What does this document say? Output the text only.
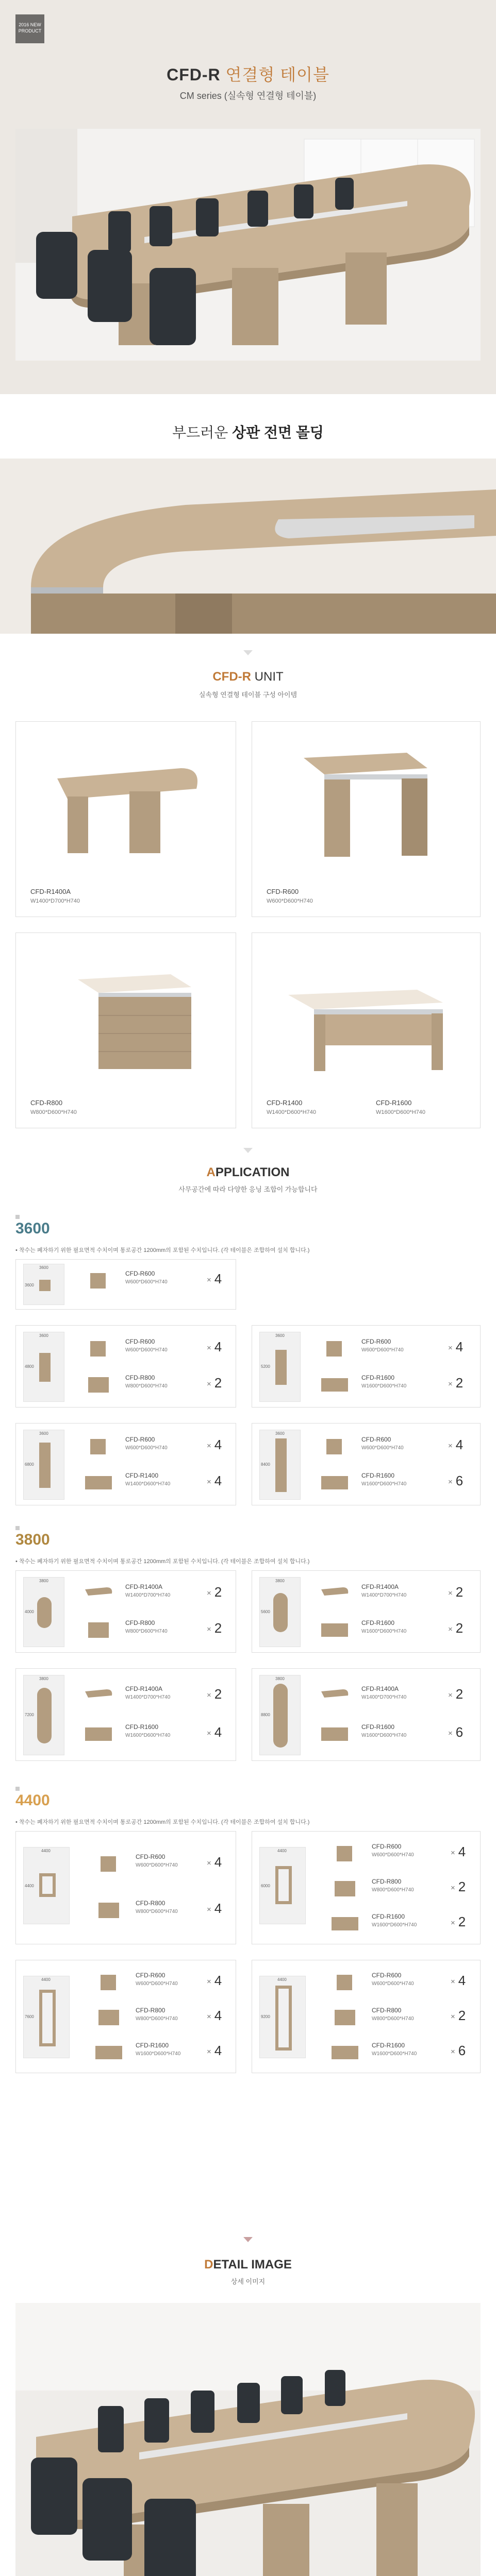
2016 NEW
PRODUCT
CFD-R 연결형 테이블
CM series (실속형 연결형 테이블)
부드러운 상판 전면 몰딩
CFD-R UNIT
실속형 연결형 테이블 구성 아이템
CFD-R1400A
W1400*D700*H740
CFD-R600
W600*D600*H740
CFD-R800
W800*D600*H740
CFD-R1400
W1400*D600*H740
CFD-R1600
W1600*D600*H740
APPLICATION
사무공간에 따라 다양한 응닝 조합이 가능합니다
3600
• 착수는 폐자하기 위한 필요면적 수치이며 통로공간 1200mm의 포함된 수치입니다. (각 테이블은 조합하여 설치 합니다.)
3600
3600
CFD-R600
W600*D600*H740	× 4
3600
4800
CFD-R600
W600*D600*H740	× 4
CFD-R800
W800*D600*H740	× 2
3600
5200
CFD-R600
W600*D600*H740	× 4
CFD-R1600
W1600*D600*H740	× 2
3600
6800
CFD-R600
W600*D600*H740	× 4
CFD-R1400
W1400*D600*H740	× 4
3600
8400
CFD-R600
W600*D600*H740	× 4
CFD-R1600
W1600*D600*H740	× 6
3800
• 착수는 폐자하기 위한 필요면적 수치이며 통로공간 1200mm의 포함된 수치입니다. (각 테이블은 조합하여 설치 합니다.)
3800
4000
CFD-R1400A
W1400*D700*H740	× 2
CFD-R800
W800*D600*H740	× 2
3800
5600
CFD-R1400A
W1400*D700*H740	× 2
CFD-R1600
W1600*D600*H740	× 2
3800
7200
CFD-R1400A
W1400*D700*H740	× 2
CFD-R1600
W1600*D600*H740	× 4
3800
8800
CFD-R1400A
W1400*D700*H740	× 2
CFD-R1600
W1600*D600*H740	× 6
4400
• 착수는 폐자하기 위한 필요면적 수치이며 통로공간 1200mm의 포함된 수치입니다. (각 테이블은 조합하여 설치 합니다.)
4400
4400
CFD-R600
W600*D600*H740	× 4
CFD-R800
W800*D600*H740	× 4
4400
6000
CFD-R600
W600*D600*H740	× 4
CFD-R800
W800*D600*H740	× 2
CFD-R1600
W1600*D600*H740	× 2
4400
7600
CFD-R600
W600*D600*H740	× 4
CFD-R800
W800*D600*H740	× 4
CFD-R1600
W1600*D600*H740	× 4
4400
9200
CFD-R600
W600*D600*H740	× 4
CFD-R800
W800*D600*H740	× 2
CFD-R1600
W1600*D600*H740	× 6
DETAIL IMAGE
상세 이미지
